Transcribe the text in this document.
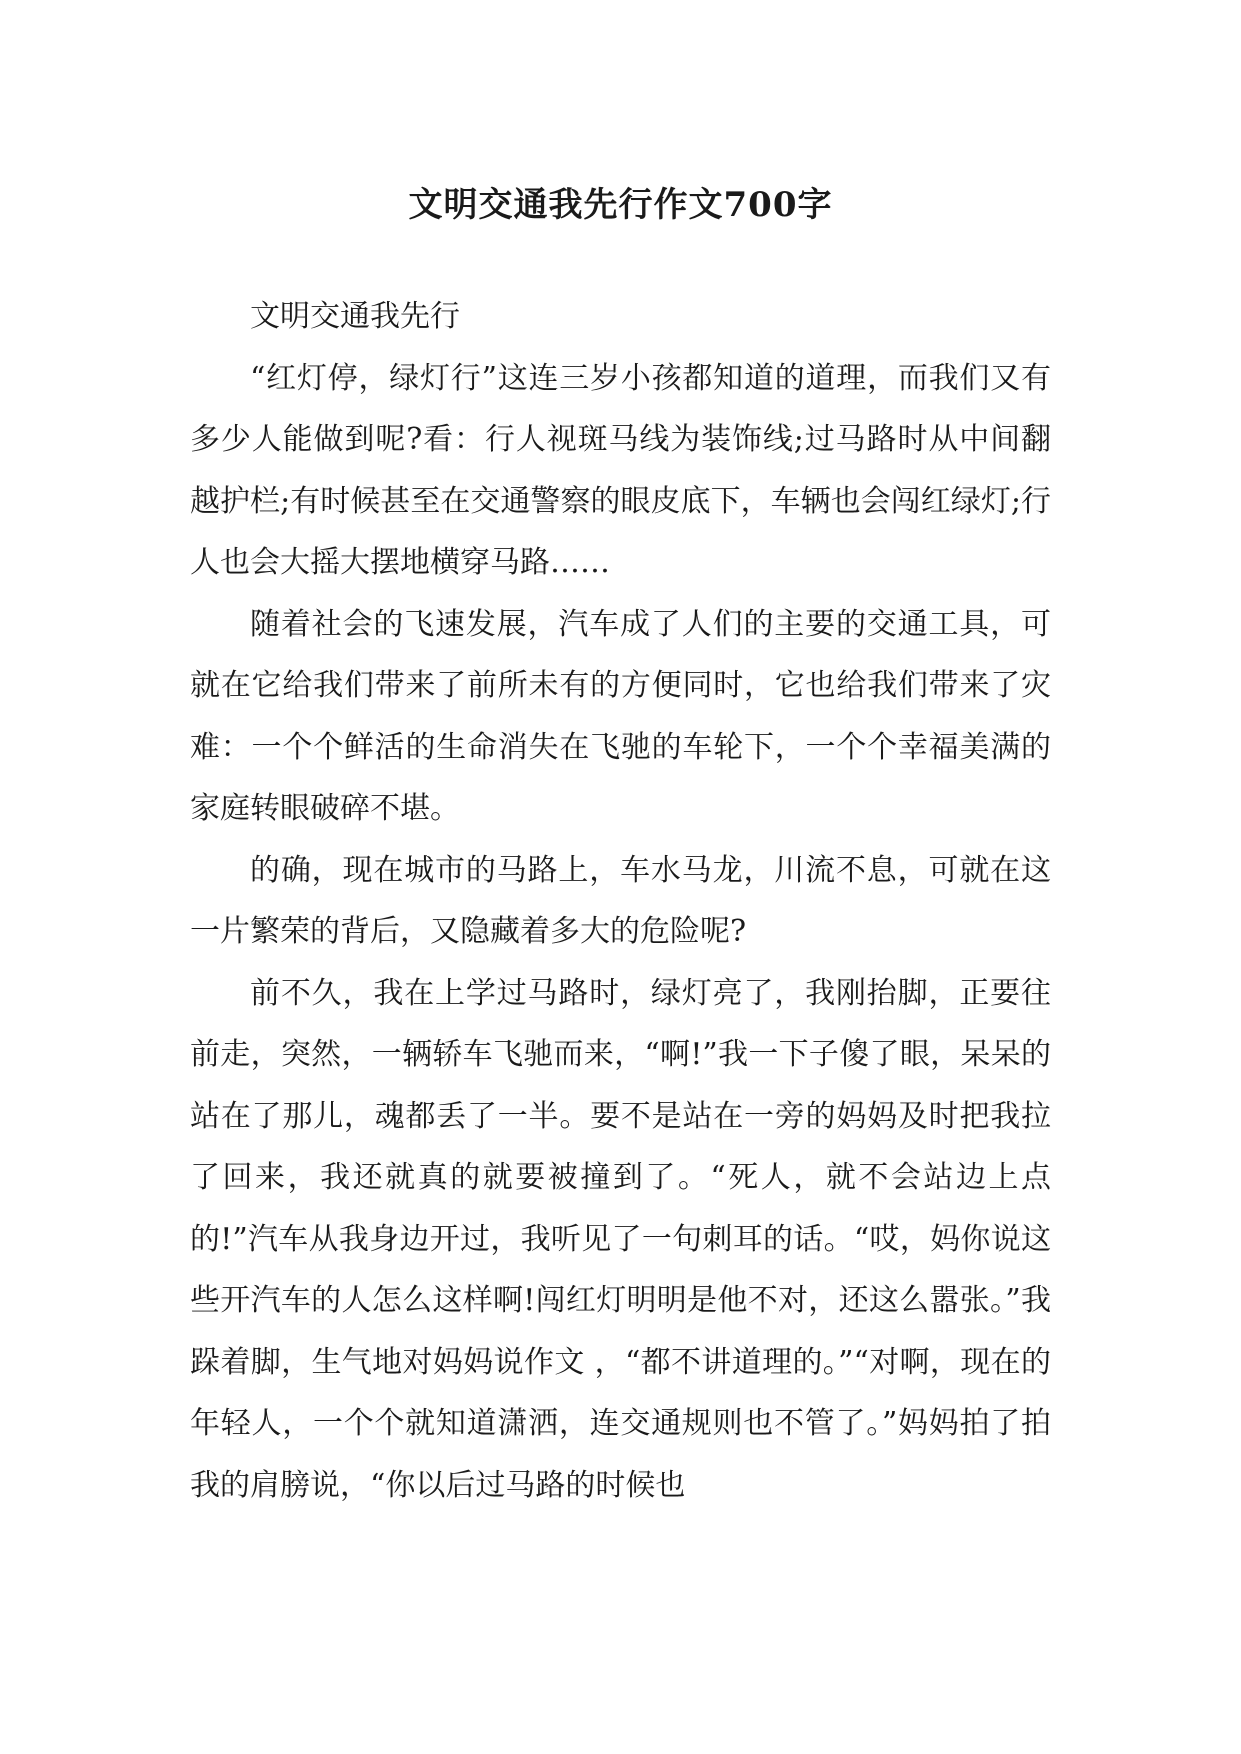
文明交通我先行作文700字

文明交通我先行

“红灯停，绿灯行”这连三岁小孩都知道的道理，而我们又有多少人能做到呢?看：行人视斑马线为装饰线;过马路时从中间翻越护栏;有时候甚至在交通警察的眼皮底下，车辆也会闯红绿灯;行人也会大摇大摆地横穿马路……

随着社会的飞速发展，汽车成了人们的主要的交通工具，可就在它给我们带来了前所未有的方便同时，它也给我们带来了灾难：一个个鲜活的生命消失在飞驰的车轮下，一个个幸福美满的家庭转眼破碎不堪。

的确，现在城市的马路上，车水马龙，川流不息，可就在这一片繁荣的背后，又隐藏着多大的危险呢?

前不久，我在上学过马路时，绿灯亮了，我刚抬脚，正要往前走，突然，一辆轿车飞驰而来，“啊!”我一下子傻了眼，呆呆的站在了那儿，魂都丢了一半。要不是站在一旁的妈妈及时把我拉了回来，我还就真的就要被撞到了。“死人，就不会站边上点的!”汽车从我身边开过，我听见了一句刺耳的话。“哎，妈你说这些开汽车的人怎么这样啊!闯红灯明明是他不对，还这么嚣张。”我跺着脚，生气地对妈妈说作文 ，“都不讲道理的。”“对啊，现在的年轻人，一个个就知道潇洒，连交通规则也不管了。”妈妈拍了拍我的肩膀说，“你以后过马路的时候也
